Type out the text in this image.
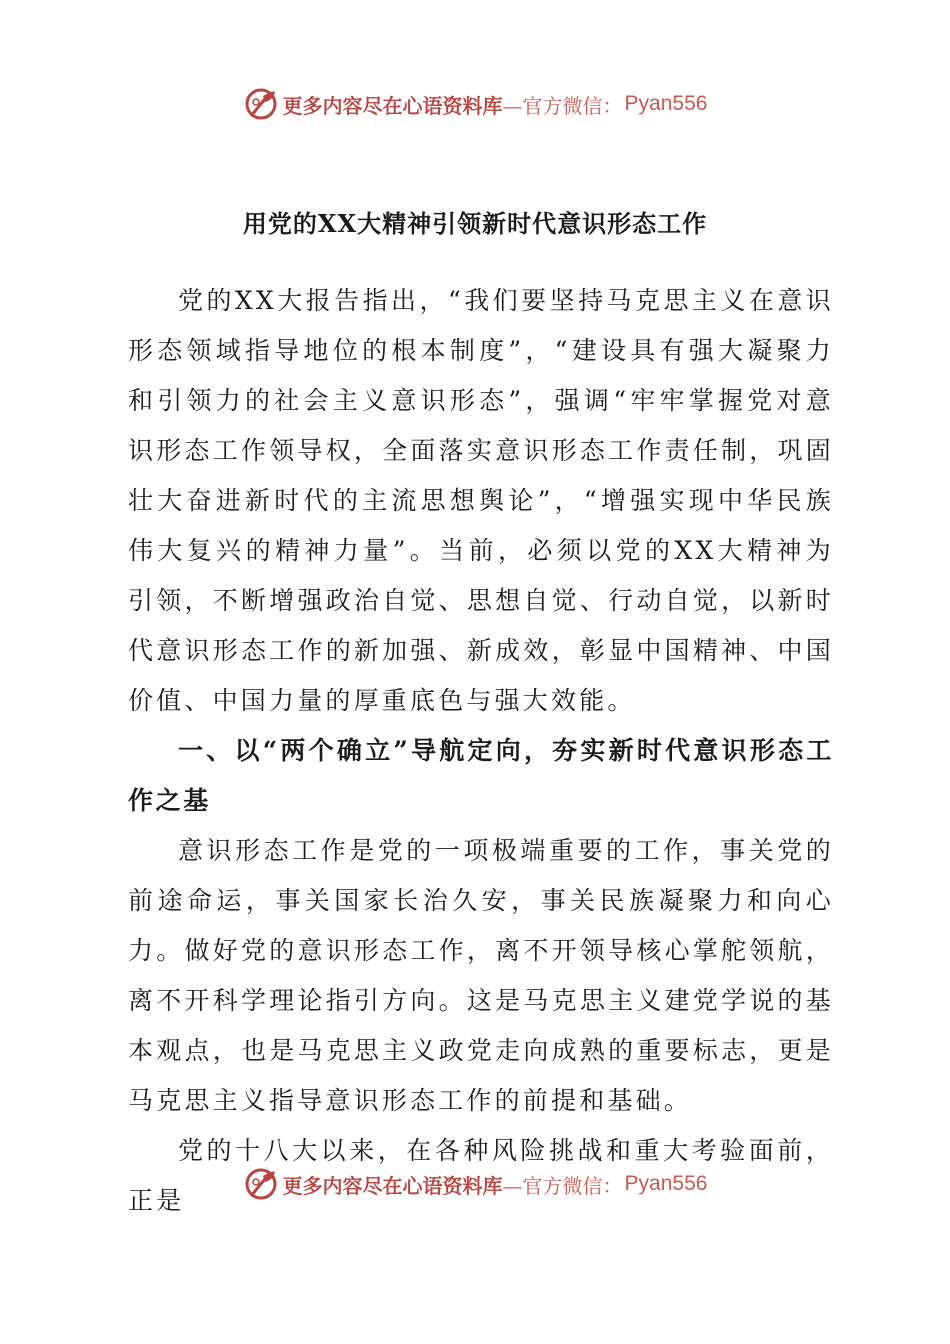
更多内容尽在心语资料库 —官方微信： Pyan556
用党的XX大精神引领新时代意识形态工作

党的XX大报告指出，“我们要坚持马克思主义在意识形态领域指导地位的根本制度”，“建设具有强大凝聚力和引领力的社会主义意识形态”，强调“牢牢掌握党对意识形态工作领导权，全面落实意识形态工作责任制，巩固壮大奋进新时代的主流思想舆论”，“增强实现中华民族伟大复兴的精神力量”。当前，必须以党的XX大精神为引领，不断增强政治自觉、思想自觉、行动自觉，以新时代意识形态工作的新加强、新成效，彰显中国精神、中国价值、中国力量的厚重底色与强大效能。

一、以“两个确立”导航定向，夯实新时代意识形态工作之基

意识形态工作是党的一项极端重要的工作，事关党的前途命运，事关国家长治久安，事关民族凝聚力和向心力。做好党的意识形态工作，离不开领导核心掌舵领航，离不开科学理论指引方向。这是马克思主义建党学说的基本观点，也是马克思主义政党走向成熟的重要标志，更是马克思主义指导意识形态工作的前提和基础。

党的十八大以来，在各种风险挑战和重大考验面前，正是

更多内容尽在心语资料库 —官方微信： Pyan556
